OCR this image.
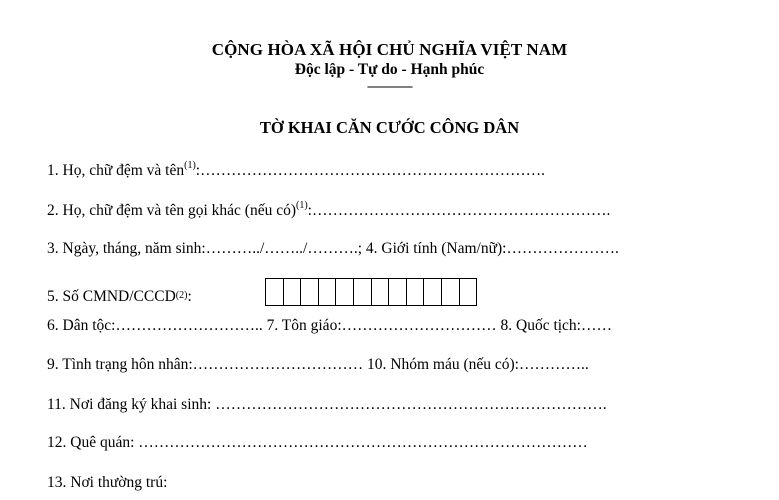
CỘNG HÒA XÃ HỘI CHỦ NGHĨA VIỆT NAM
Độc lập - Tự do - Hạnh phúc
---------------
TỜ KHAI CĂN CƯỚC CÔNG DÂN
1. Họ, chữ đệm và tên$^{(1)}$:………………………………………………………….
2. Họ, chữ đệm và tên gọi khác (nếu có)$^{(1)}$:………………………………………………….
3. Ngày, tháng, năm sinh:………../……../……….; 4. Giới tính (Nam/nữ):………………….
5. Số CMND/CCCD$^{(2)}$ :
6. Dân tộc:……………………….. 7. Tôn giáo:………………………… 8. Quốc tịch:……
9. Tình trạng hôn nhân:…………………………… 10. Nhóm máu (nếu có):…………..
11. Nơi đăng ký khai sinh: ………………………………………………………………….
12. Quê quán: ……………………………………………………………………………
13. Nơi thường trú:
